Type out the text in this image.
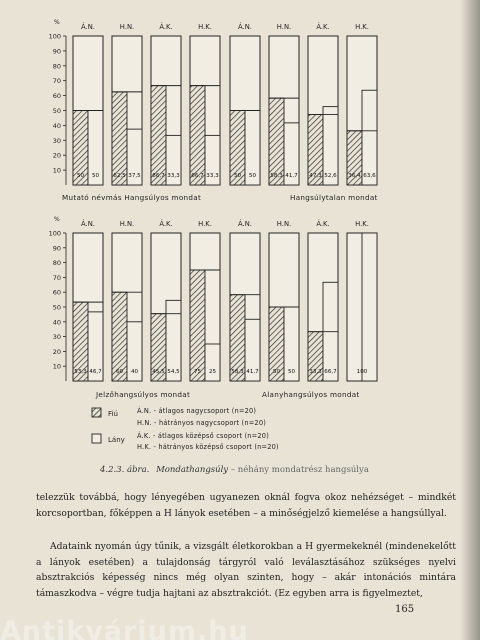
%
10
20
30
40
50
60
70
80
90
100
Á.N.
50 50
H.N.
62,5 37,5
Á.K.
66,7 33,3
H.K.
66,7 33,3
Mutató névmás Hangsúlyos mondat
Á.N.
50 50
H.N.
58,3 41,7
Á.K.
47,3 52,6
H.K.
36,4 63,6
Hangsúlytalan mondat
%
10
20
30
40
50
60
70
80
90
100
Á.N.
53,3 46,7
H.N.
60 40
Á.K.
45,5 54,5
H.K.
75 25
Jelzőhangsúlyos mondat
Á.N.
58,3 41,7
H.N.
50 50
Á.K.
33,3 66,7
H.K.
100
Alanyhangsúlyos mondat
Fiú
Lány
Á.N. - átlagos nagycsoport (n=20)
H.N. - hátrányos nagycsoport (n=20)
Á.K. - átlagos középső csoport (n=20)
H.K. - hátrányos középső csoport (n=20)
4.2.3. ábra. Mondathangsúly – néhány mondatrész hangsúlya
telezzük továbbá, hogy lényegében ugyanezen oknál fogva okoz nehézséget – mindkét korcsoportban, főképpen a H lányok esetében – a minőségjelző kiemelése a hangsúllyal.
Adataink nyomán úgy tűnik, a vizsgált életkorokban a H gyermekeknél (mindenekelőtt a lányok esetében) a tulajdonság tárgyról való leválasztásához szükséges nyelvi absztrakciós képesség nincs még olyan szinten, hogy – akár intonációs mintára támaszkodva – végre tudja hajtani az absztrakciót. (Ez egyben arra is figyelmeztet,
165
Antikvárium.hu
